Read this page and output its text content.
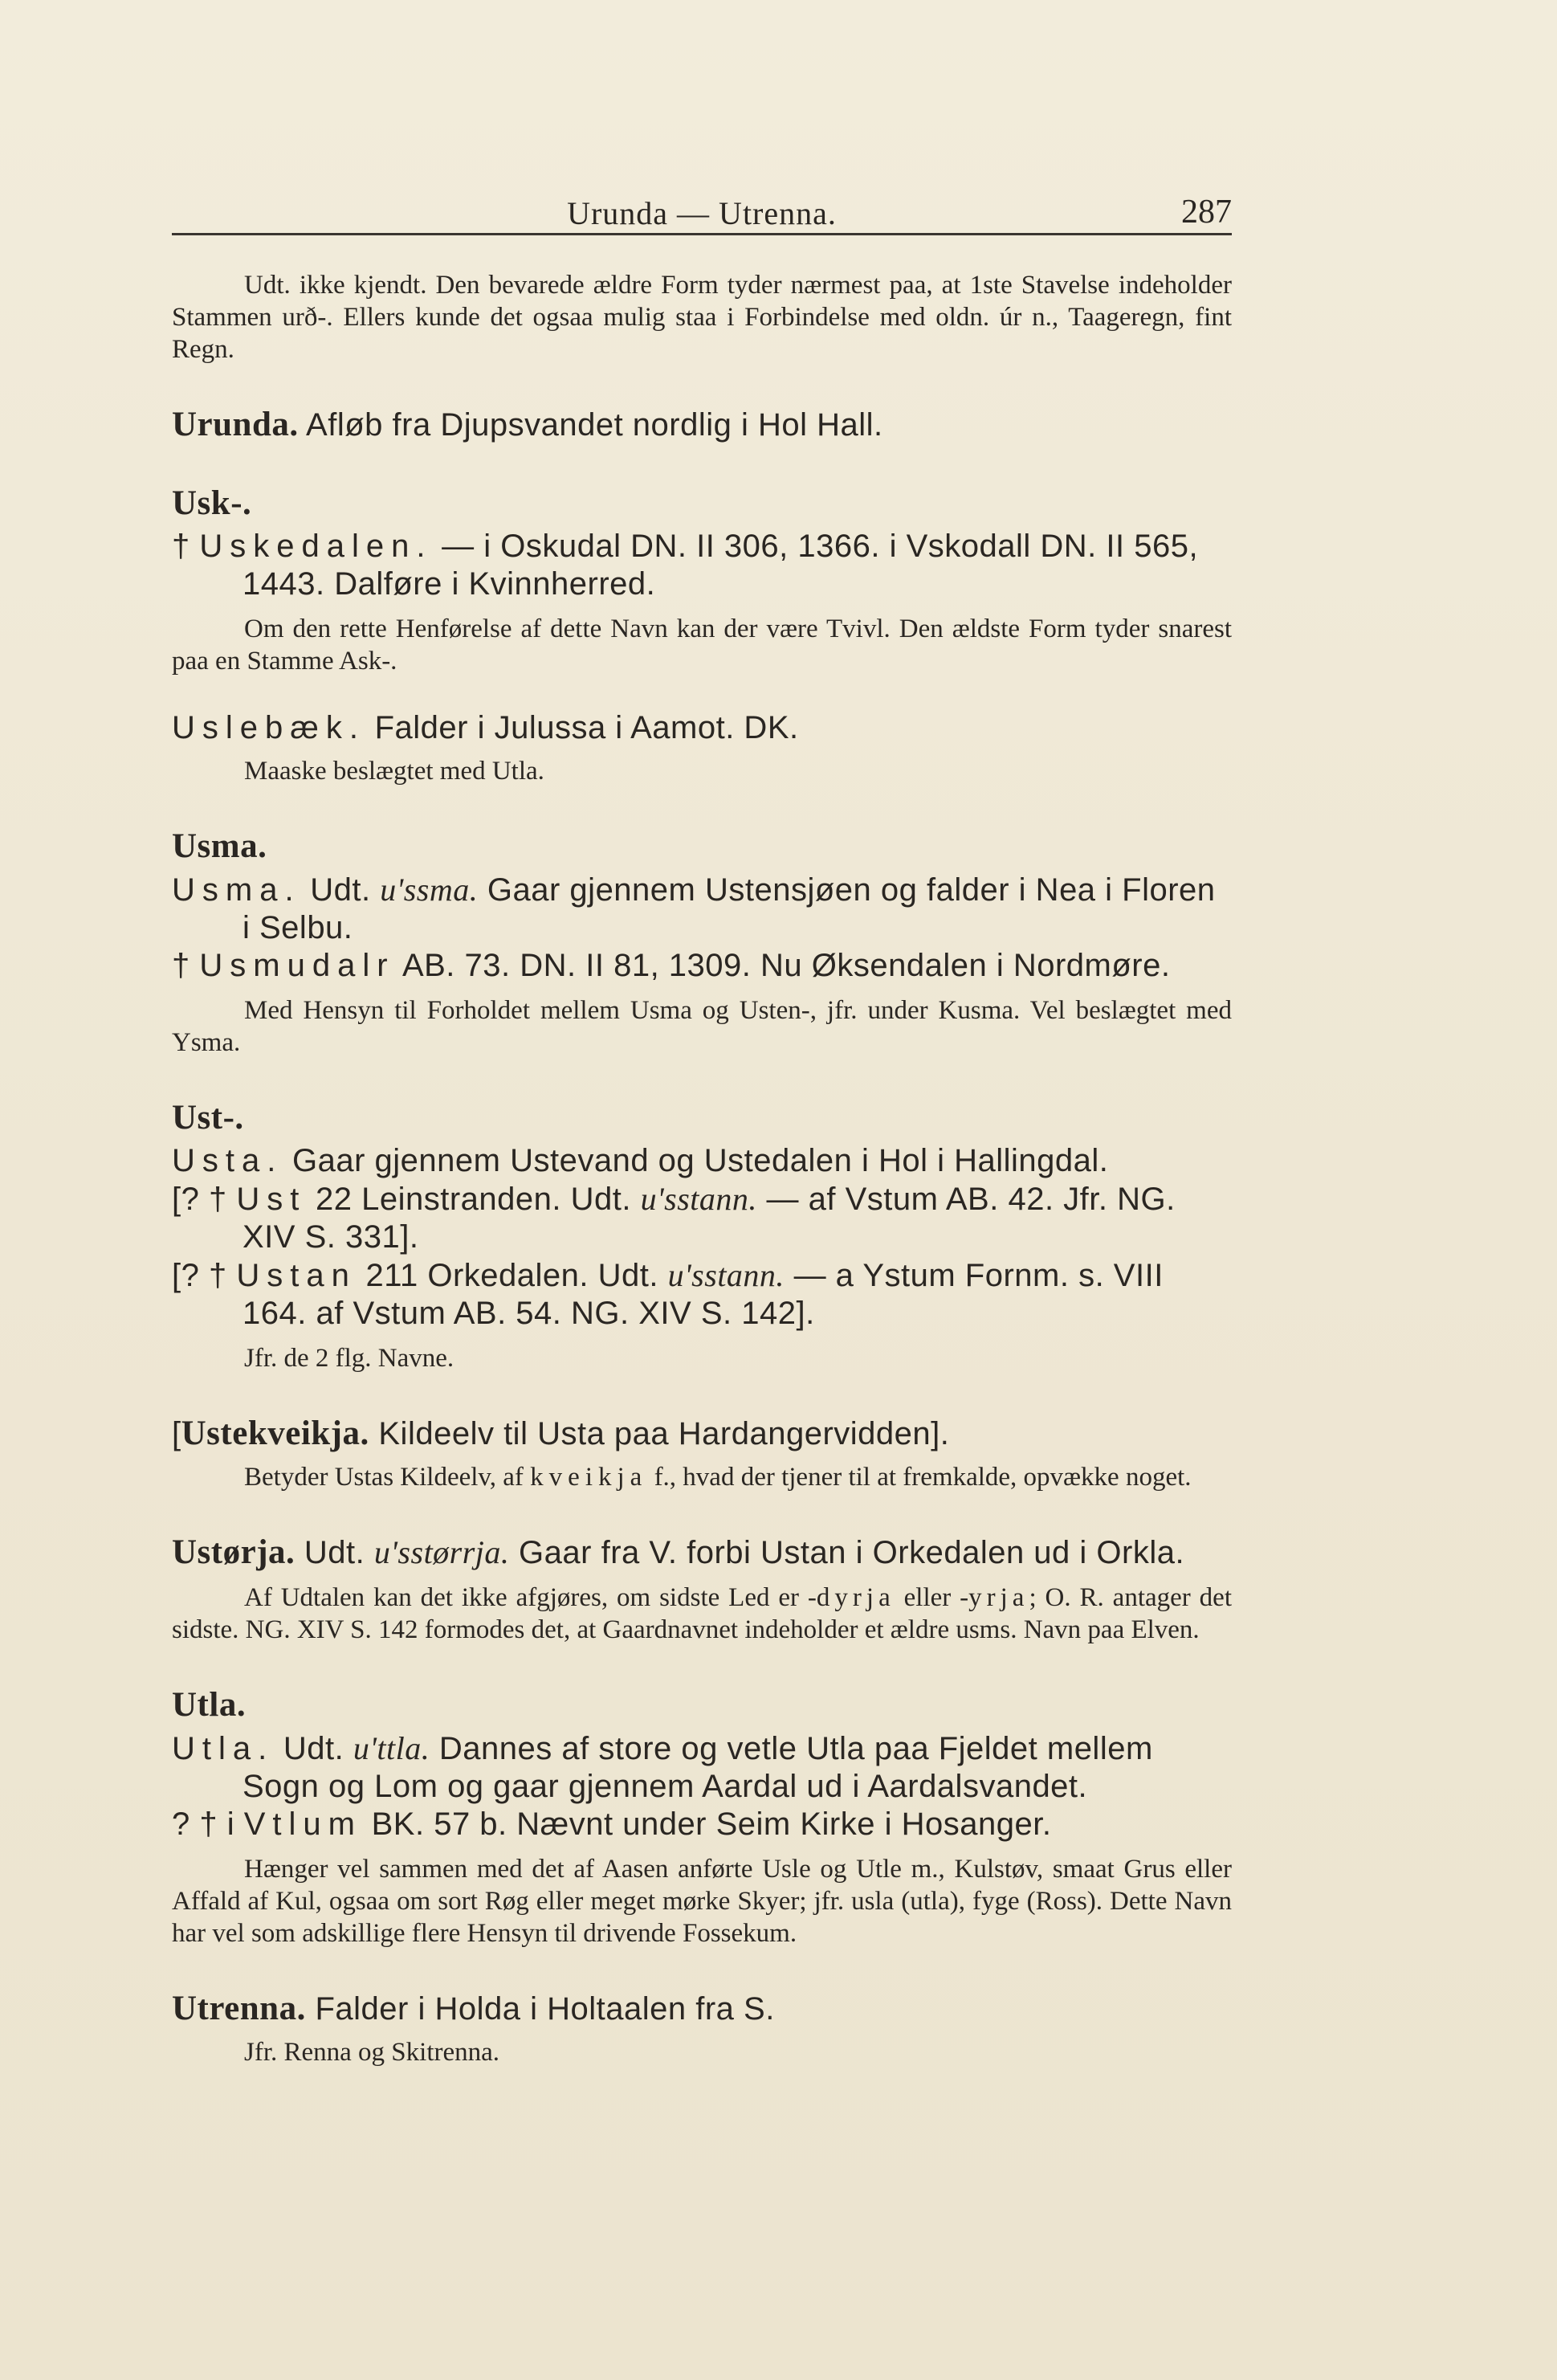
Urunda — Utrenna.	287

Udt. ikke kjendt. Den bevarede ældre Form tyder nærmest paa, at 1ste Stavelse indeholder Stammen urð-. Ellers kunde det ogsaa mulig staa i Forbindelse med oldn. úr n., Taageregn, fint Regn.

Urunda. Afløb fra Djupsvandet nordlig i Hol Hall.

Usk-.

† Uskedalen. — i Oskudal DN. II 306, 1366. i Vskodall DN. II 565, 1443. Dalføre i Kvinnherred.

Om den rette Henførelse af dette Navn kan der være Tvivl. Den ældste Form tyder snarest paa en Stamme Ask-.

Uslebæk. Falder i Julussa i Aamot. DK.

Maaske beslægtet med Utla.

Usma.

Usma. Udt. u'ssma. Gaar gjennem Ustensjøen og falder i Nea i Floren i Selbu.

† Usmudalr AB. 73. DN. II 81, 1309. Nu Øksendalen i Nordmøre.

Med Hensyn til Forholdet mellem Usma og Usten-, jfr. under Kusma. Vel beslægtet med Ysma.

Ust-.

Usta. Gaar gjennem Ustevand og Ustedalen i Hol i Hallingdal.

[? † Ust 22 Leinstranden. Udt. u'sstann. — af Vstum AB. 42. Jfr. NG. XIV S. 331].

[? † Ustan 211 Orkedalen. Udt. u'sstann. — a Ystum Fornm. s. VIII 164. af Vstum AB. 54. NG. XIV S. 142].

Jfr. de 2 flg. Navne.

[Ustekveikja. Kildeelv til Usta paa Hardangervidden].

Betyder Ustas Kildeelv, af kveikja f., hvad der tjener til at fremkalde, opvække noget.

Ustørja. Udt. u'sstørrja. Gaar fra V. forbi Ustan i Orkedalen ud i Orkla.

Af Udtalen kan det ikke afgjøres, om sidste Led er -dyrja eller -yrja; O. R. antager det sidste. NG. XIV S. 142 formodes det, at Gaardnavnet indeholder et ældre usms. Navn paa Elven.

Utla.

Utla. Udt. u'ttla. Dannes af store og vetle Utla paa Fjeldet mellem Sogn og Lom og gaar gjennem Aardal ud i Aardalsvandet.

? † i Vtlum BK. 57 b. Nævnt under Seim Kirke i Hosanger.

Hænger vel sammen med det af Aasen anførte Usle og Utle m., Kulstøv, smaat Grus eller Affald af Kul, ogsaa om sort Røg eller meget mørke Skyer; jfr. usla (utla), fyge (Ross). Dette Navn har vel som adskillige flere Hensyn til drivende Fossekum.

Utrenna. Falder i Holda i Holtaalen fra S.

Jfr. Renna og Skitrenna.
